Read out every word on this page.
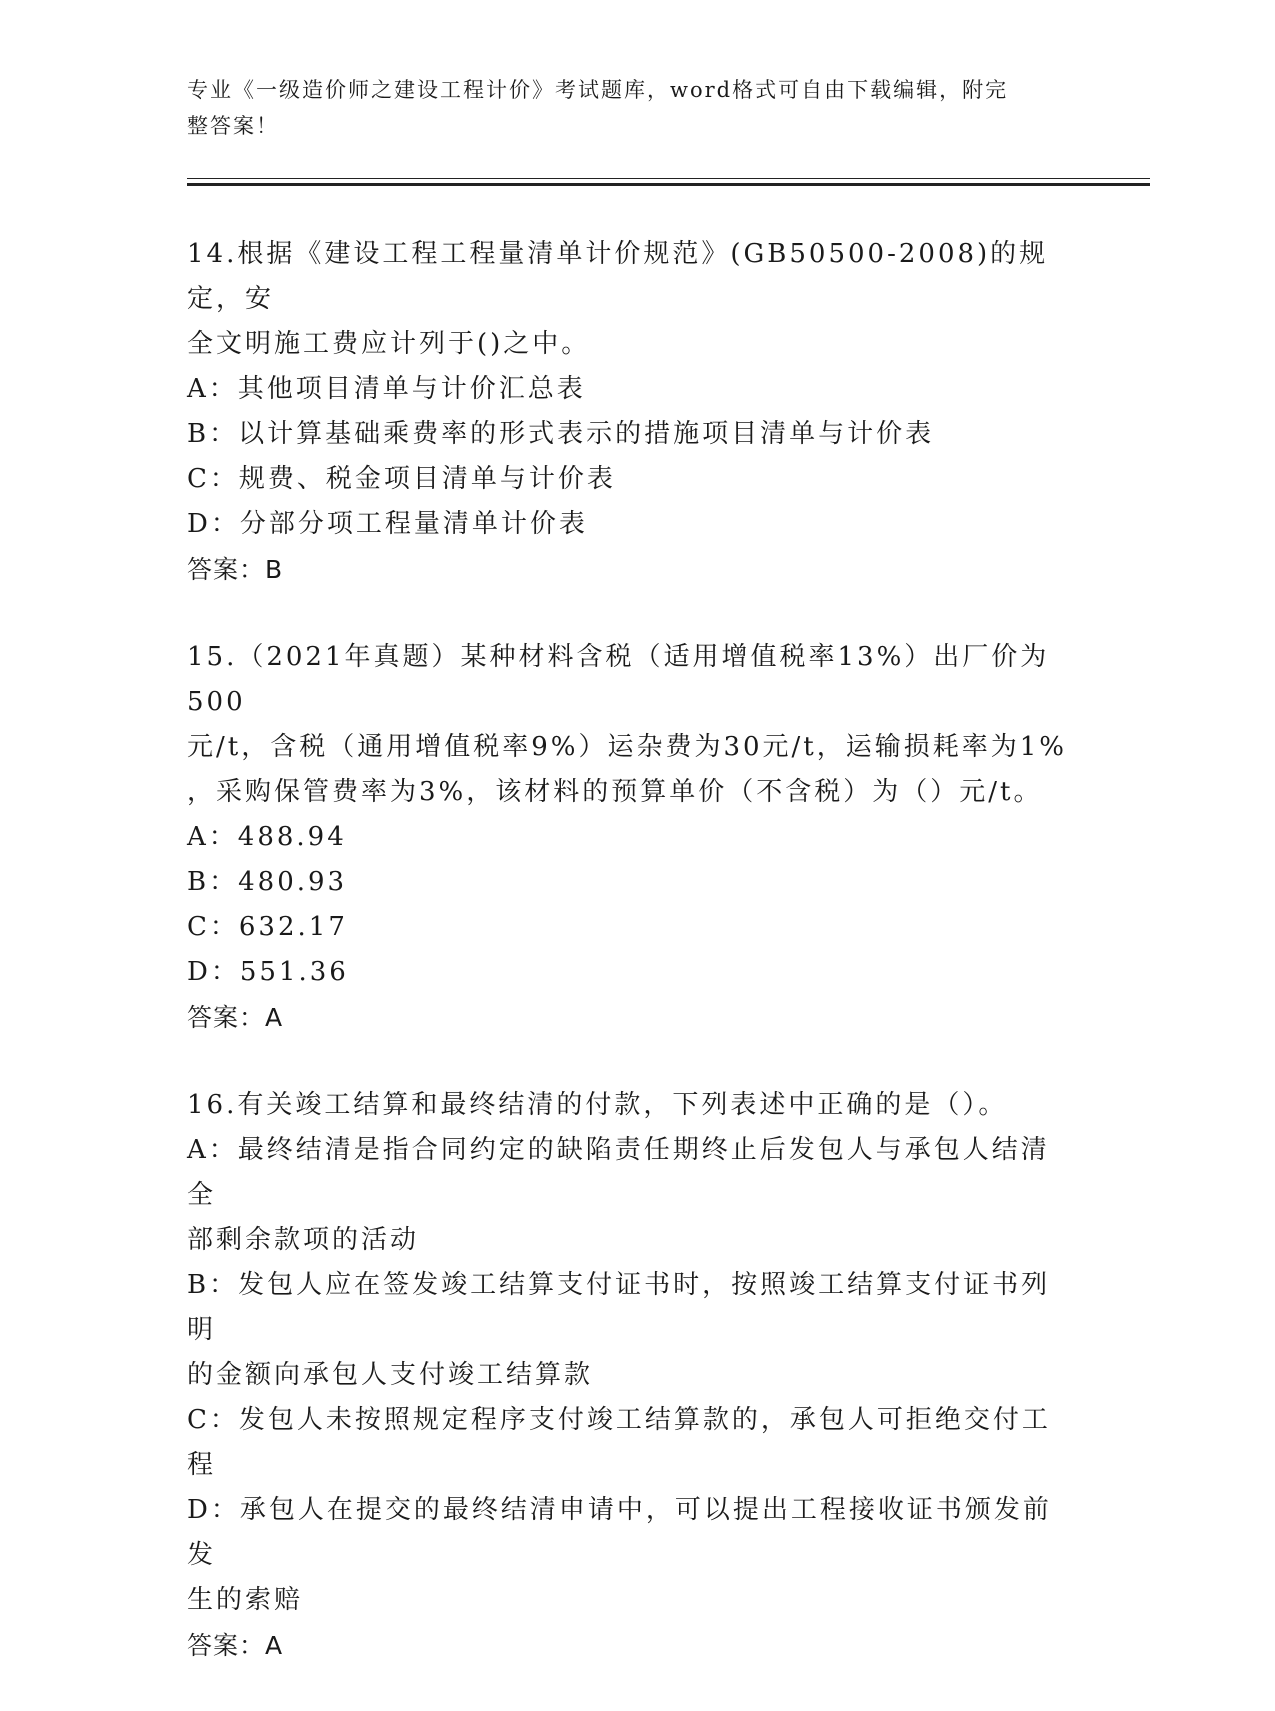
专业《一级造价师之建设工程计价》考试题库，word格式可自由下载编辑，附完
整答案！
14.根据《建设工程工程量清单计价规范》(GB50500-2008)的规定，安
全文明施工费应计列于()之中。
A：其他项目清单与计价汇总表
B：以计算基础乘费率的形式表示的措施项目清单与计价表
C：规费、税金项目清单与计价表
D：分部分项工程量清单计价表
答案：B
15.（2021年真题）某种材料含税（适用增值税率13%）出厂价为500
元/t，含税（通用增值税率9%）运杂费为30元/t，运输损耗率为1%
，采购保管费率为3%，该材料的预算单价（不含税）为（）元/t。
A：488.94
B：480.93
C：632.17
D：551.36
答案：A
16.有关竣工结算和最终结清的付款，下列表述中正确的是（）。
A：最终结清是指合同约定的缺陷责任期终止后发包人与承包人结清全
部剩余款项的活动
B：发包人应在签发竣工结算支付证书时，按照竣工结算支付证书列明
的金额向承包人支付竣工结算款
C：发包人未按照规定程序支付竣工结算款的，承包人可拒绝交付工程
D：承包人在提交的最终结清申请中，可以提出工程接收证书颁发前发
生的索赔
答案：A
